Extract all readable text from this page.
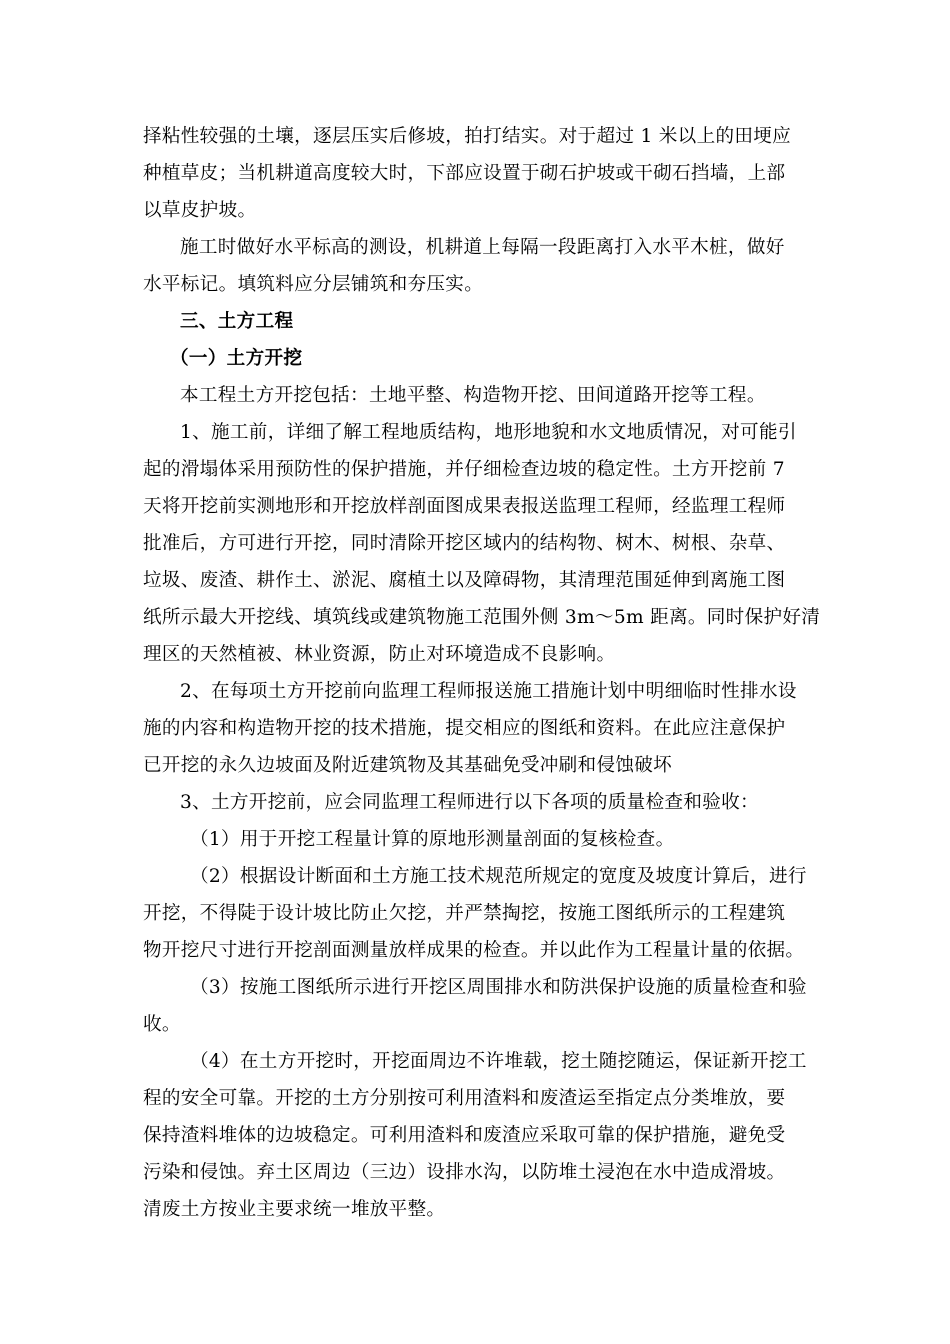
择粘性较强的土壤，逐层压实后修坡，拍打结实。对于超过 1 米以上的田埂应
种植草皮；当机耕道高度较大时，下部应设置于砌石护坡或干砌石挡墙，上部
以草皮护坡。
施工时做好水平标高的测设，机耕道上每隔一段距离打入水平木桩，做好
水平标记。填筑料应分层铺筑和夯压实。
三、土方工程
（一）土方开挖
本工程土方开挖包括：土地平整、构造物开挖、田间道路开挖等工程。
1、施工前，详细了解工程地质结构，地形地貌和水文地质情况，对可能引
起的滑塌体采用预防性的保护措施，并仔细检查边坡的稳定性。土方开挖前 7
天将开挖前实测地形和开挖放样剖面图成果表报送监理工程师，经监理工程师
批准后，方可进行开挖，同时清除开挖区域内的结构物、树木、树根、杂草、
垃圾、废渣、耕作土、淤泥、腐植土以及障碍物，其清理范围延伸到离施工图
纸所示最大开挖线、填筑线或建筑物施工范围外侧 3m～5m 距离。同时保护好清
理区的天然植被、林业资源，防止对环境造成不良影响。
2、在每项土方开挖前向监理工程师报送施工措施计划中明细临时性排水设
施的内容和构造物开挖的技术措施，提交相应的图纸和资料。在此应注意保护
已开挖的永久边坡面及附近建筑物及其基础免受冲刷和侵蚀破坏
3、土方开挖前，应会同监理工程师进行以下各项的质量检查和验收：
（1）用于开挖工程量计算的原地形测量剖面的复核检查。
（2）根据设计断面和土方施工技术规范所规定的宽度及坡度计算后，进行
开挖，不得陡于设计坡比防止欠挖，并严禁掏挖，按施工图纸所示的工程建筑
物开挖尺寸进行开挖剖面测量放样成果的检查。并以此作为工程量计量的依据。
（3）按施工图纸所示进行开挖区周围排水和防洪保护设施的质量检查和验
收。
（4）在土方开挖时，开挖面周边不许堆载，挖土随挖随运，保证新开挖工
程的安全可靠。开挖的土方分别按可利用渣料和废渣运至指定点分类堆放，要
保持渣料堆体的边坡稳定。可利用渣料和废渣应采取可靠的保护措施，避免受
污染和侵蚀。弃土区周边（三边）设排水沟，以防堆土浸泡在水中造成滑坡。
清废土方按业主要求统一堆放平整。
